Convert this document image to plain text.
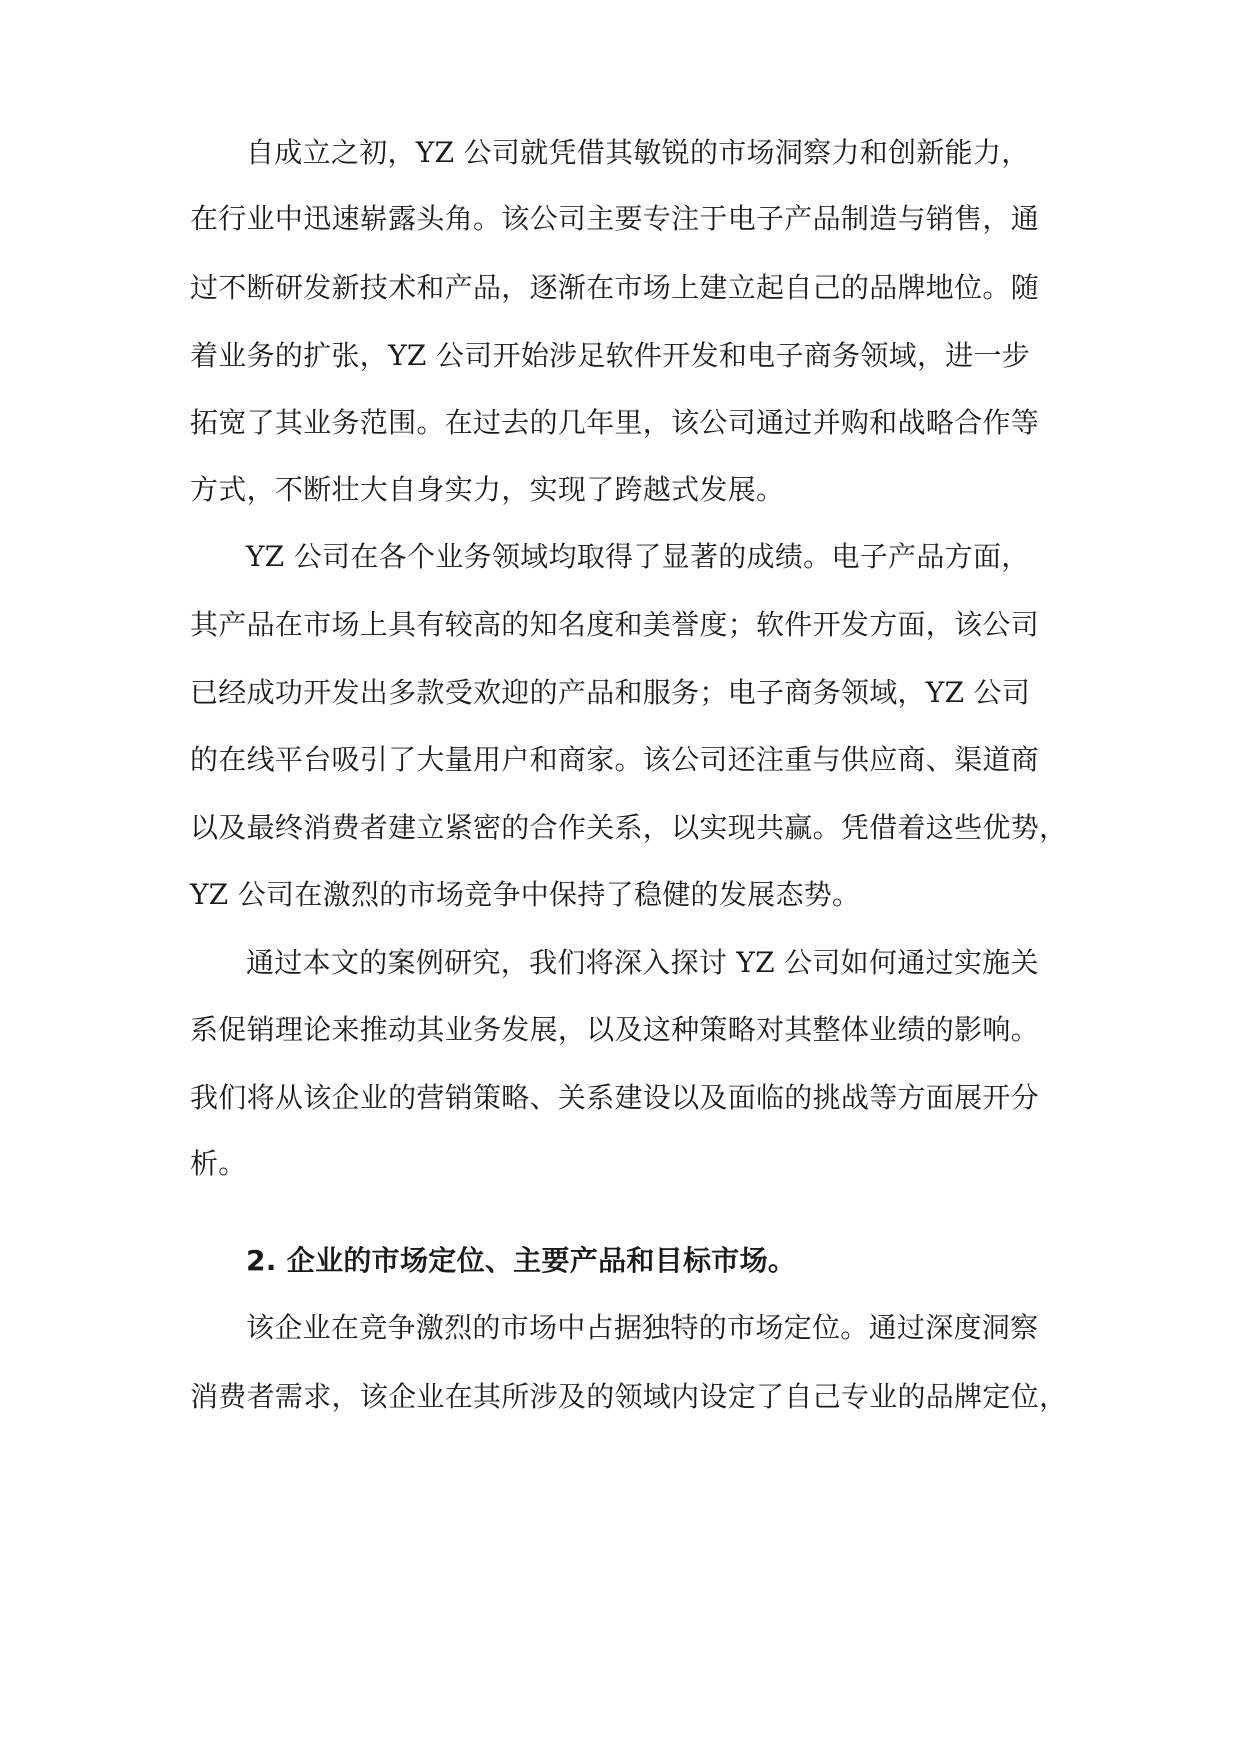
自成立之初，YZ 公司就凭借其敏锐的市场洞察力和创新能力，
在行业中迅速崭露头角。该公司主要专注于电子产品制造与销售，通
过不断研发新技术和产品，逐渐在市场上建立起自己的品牌地位。随
着业务的扩张，YZ 公司开始涉足软件开发和电子商务领域，进一步
拓宽了其业务范围。在过去的几年里，该公司通过并购和战略合作等
方式，不断壮大自身实力，实现了跨越式发展。
YZ 公司在各个业务领域均取得了显著的成绩。电子产品方面，
其产品在市场上具有较高的知名度和美誉度；软件开发方面，该公司
已经成功开发出多款受欢迎的产品和服务；电子商务领域，YZ 公司
的在线平台吸引了大量用户和商家。该公司还注重与供应商、渠道商
以及最终消费者建立紧密的合作关系，以实现共赢。凭借着这些优势，
YZ 公司在激烈的市场竞争中保持了稳健的发展态势。
通过本文的案例研究，我们将深入探讨 YZ 公司如何通过实施关
系促销理论来推动其业务发展，以及这种策略对其整体业绩的影响。
我们将从该企业的营销策略、关系建设以及面临的挑战等方面展开分
析。
2. 企业的市场定位、主要产品和目标市场。
该企业在竞争激烈的市场中占据独特的市场定位。通过深度洞察
消费者需求，该企业在其所涉及的领域内设定了自己专业的品牌定位，
